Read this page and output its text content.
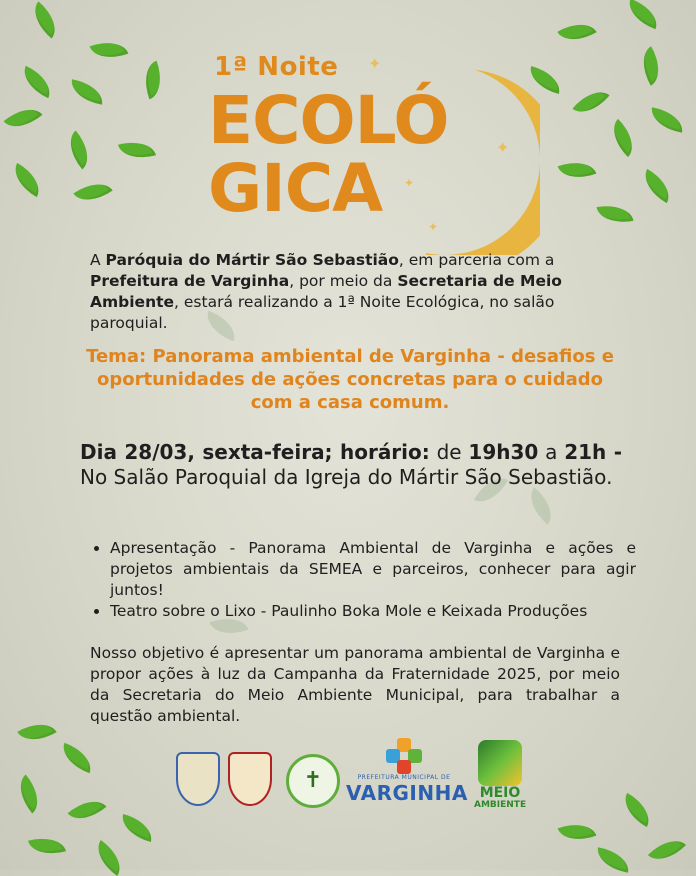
✦
✦
✦
✦
1ª Noite
ECOLÓ
GICA
A Paróquia do Mártir São Sebastião, em parceria com a Prefeitura de Varginha, por meio da Secretaria de Meio Ambiente, estará realizando a 1ª Noite Ecológica, no salão paroquial.
Tema: Panorama ambiental de Varginha - desafios e oportunidades de ações concretas para o cuidado com a casa comum.
Dia 28/03, sexta-feira; horário: de 19h30 a 21h - No Salão Paroquial da Igreja do Mártir São Sebastião.
• Apresentação - Panorama Ambiental de Varginha e ações e projetos ambientais da SEMEA e parceiros, conhecer para agir juntos!
• Teatro sobre o Lixo - Paulinho Boka Mole e Keixada Produções
Nosso objetivo é apresentar um panorama ambiental de Varginha e propor ações à luz da Campanha da Fraternidade 2025, por meio da Secretaria do Meio Ambiente Municipal, para trabalhar a questão ambiental.
✝	PREFEITURA MUNICIPAL DE
VARGINHA MEIO
AMBIENTE
